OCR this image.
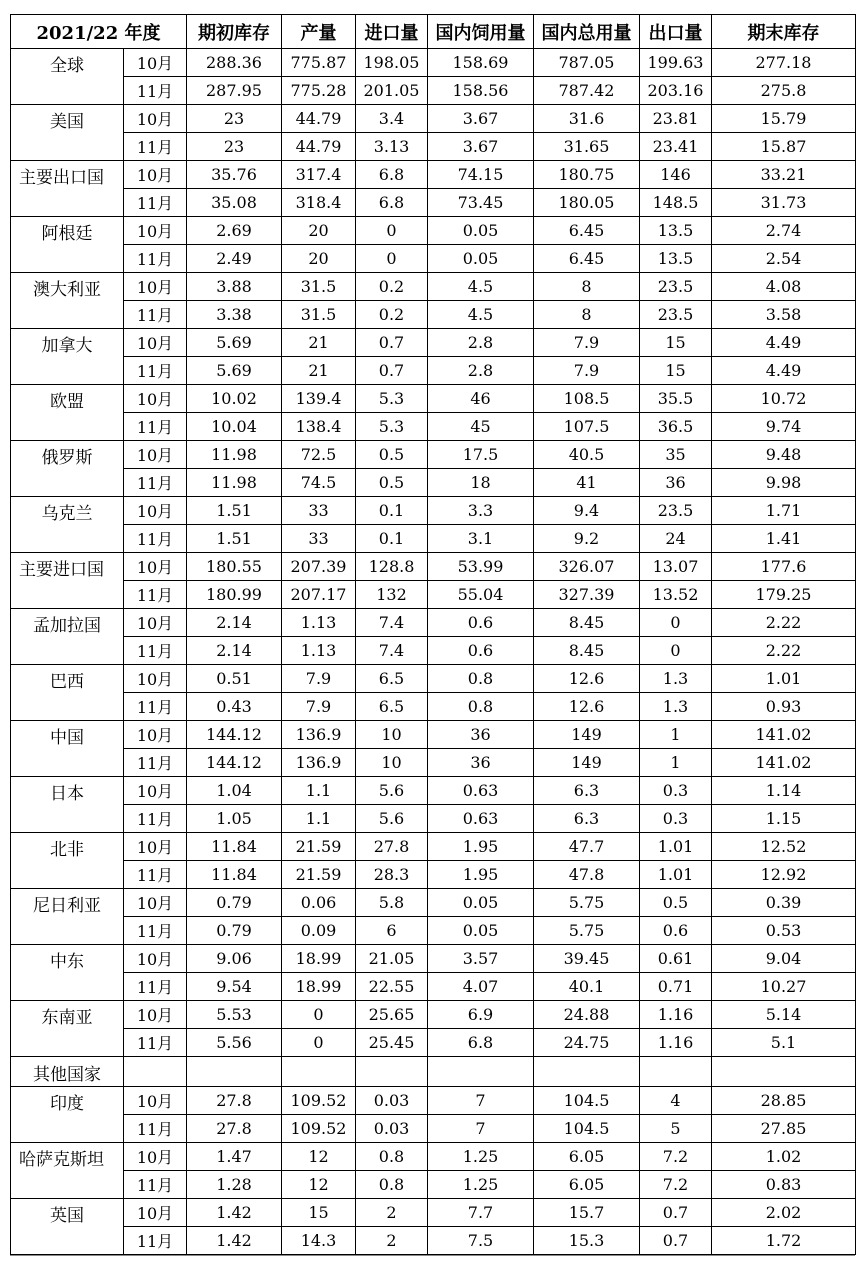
2021/22 年度		期初库存	产量	进口量	国内饲用量	国内总用量	出口量	期末库存
全球	10月	288.36	775.87	198.05	158.69	787.05	199.63	277.18
	11月	287.95	775.28	201.05	158.56	787.42	203.16	275.8
美国	10月	23	44.79	3.4	3.67	31.6	23.81	15.79
	11月	23	44.79	3.13	3.67	31.65	23.41	15.87
主要出口国	10月	35.76	317.4	6.8	74.15	180.75	146	33.21
	11月	35.08	318.4	6.8	73.45	180.05	148.5	31.73
阿根廷	10月	2.69	20	0	0.05	6.45	13.5	2.74
	11月	2.49	20	0	0.05	6.45	13.5	2.54
澳大利亚	10月	3.88	31.5	0.2	4.5	8	23.5	4.08
	11月	3.38	31.5	0.2	4.5	8	23.5	3.58
加拿大	10月	5.69	21	0.7	2.8	7.9	15	4.49
	11月	5.69	21	0.7	2.8	7.9	15	4.49
欧盟	10月	10.02	139.4	5.3	46	108.5	35.5	10.72
	11月	10.04	138.4	5.3	45	107.5	36.5	9.74
俄罗斯	10月	11.98	72.5	0.5	17.5	40.5	35	9.48
	11月	11.98	74.5	0.5	18	41	36	9.98
乌克兰	10月	1.51	33	0.1	3.3	9.4	23.5	1.71
	11月	1.51	33	0.1	3.1	9.2	24	1.41
主要进口国	10月	180.55	207.39	128.8	53.99	326.07	13.07	177.6
	11月	180.99	207.17	132	55.04	327.39	13.52	179.25
孟加拉国	10月	2.14	1.13	7.4	0.6	8.45	0	2.22
	11月	2.14	1.13	7.4	0.6	8.45	0	2.22
巴西	10月	0.51	7.9	6.5	0.8	12.6	1.3	1.01
	11月	0.43	7.9	6.5	0.8	12.6	1.3	0.93
中国	10月	144.12	136.9	10	36	149	1	141.02
	11月	144.12	136.9	10	36	149	1	141.02
日本	10月	1.04	1.1	5.6	0.63	6.3	0.3	1.14
	11月	1.05	1.1	5.6	0.63	6.3	0.3	1.15
北非	10月	11.84	21.59	27.8	1.95	47.7	1.01	12.52
	11月	11.84	21.59	28.3	1.95	47.8	1.01	12.92
尼日利亚	10月	0.79	0.06	5.8	0.05	5.75	0.5	0.39
	11月	0.79	0.09	6	0.05	5.75	0.6	0.53
中东	10月	9.06	18.99	21.05	3.57	39.45	0.61	9.04
	11月	9.54	18.99	22.55	4.07	40.1	0.71	10.27
东南亚	10月	5.53	0	25.65	6.9	24.88	1.16	5.14
	11月	5.56	0	25.45	6.8	24.75	1.16	5.1
其他国家								
印度	10月	27.8	109.52	0.03	7	104.5	4	28.85
	11月	27.8	109.52	0.03	7	104.5	5	27.85
哈萨克斯坦	10月	1.47	12	0.8	1.25	6.05	7.2	1.02
	11月	1.28	12	0.8	1.25	6.05	7.2	0.83
英国	10月	1.42	15	2	7.7	15.7	0.7	2.02
	11月	1.42	14.3	2	7.5	15.3	0.7	1.72
